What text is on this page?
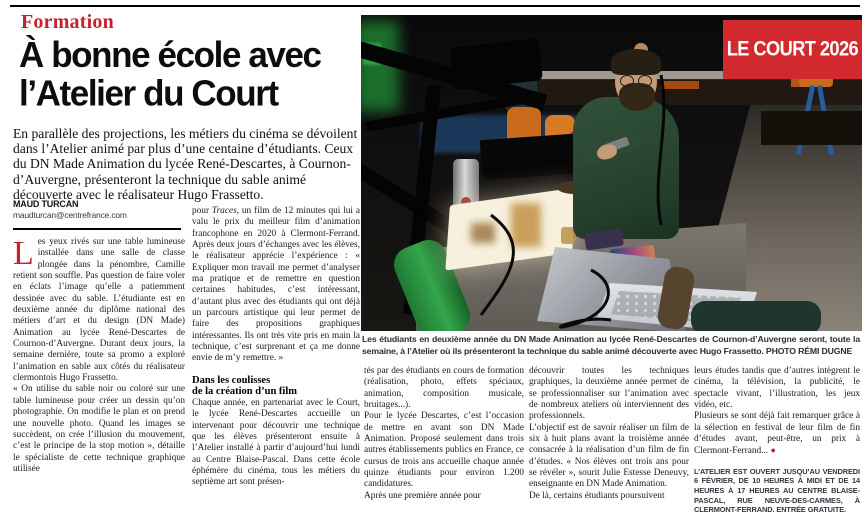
Formation
À bonne école avec
l’Atelier du Court
En parallèle des projections, les métiers du cinéma se dévoilent dans l’Atelier animé par plus d’une centaine d’étudiants. Ceux du DN Made Animation du lycée René-Descartes, à Cournon-d’Auvergne, présenteront la technique du sable animé découverte avec le réalisateur Hugo Frassetto.
MAUD TURCAN
maudturcan@centrefrance.com
LE COURT 2026
Les étudiants en deuxième année du DN Made Animation au lycée René-Descartes de Cournon-d’Auvergne seront, toute la semaine, à l’Atelier où ils présenteront la technique du sable animé découverte avec Hugo Frassetto. PHOTO RÉMI DUGNE

Les yeux rivés sur une table lumineuse installée dans une salle de classe plongée dans la pénombre, Camille retient son souffle. Pas question de faire voler en éclats l’image qu’elle a patiemment dessinée avec du sable. L’étudiante est en deuxième année du diplôme national des métiers d’art et du design (DN Made) Animation au lycée René-Descartes de Cournon-d’Auvergne. Durant deux jours, la semaine dernière, toute sa promo a exploré l’animation en sable aux côtés du réalisateur clermontois Hugo Frassetto.

« On utilise du sable noir ou coloré sur une table lumineuse pour créer un dessin qu’on photographie. On modifie le plan et on prend une nouvelle photo. Quand les images se succèdent, on crée l’illusion du mouvement, c’est le principe de la stop motion », détaille le spécialiste de cette technique graphique utilisée

pour Traces, un film de 12 minutes qui lui a valu le prix du meilleur film d’animation francophone en 2020 à Clermont-Ferrand. Après deux jours d’échanges avec les élèves, le réalisateur apprécie l’expérience : « Expliquer mon travail me permet d’analyser ma pratique et de remettre en question certaines habitudes, c’est intéressant, d’autant plus avec des étudiants qui ont déjà un parcours artistique qui leur permet de faire des propositions graphiques intéressantes. Ils ont très vite pris en main la technique, c’est surprenant et ça me donne envie de m’y remettre. »

Dans les coulisses
de la création d’un film

Chaque année, en partenariat avec le Court, le lycée René-Descartes accueille un intervenant pour découvrir une technique que les élèves présenteront ensuite à l’Atelier installé à partir d’aujourd’hui lundi au Centre Blaise-Pascal. Dans cette école éphémère du cinéma, tous les métiers du septième art sont présen-

tés par des étudiants en cours de formation (réalisation, photo, effets spéciaux, animation, composition musicale, bruitages...).

Pour le lycée Descartes, c’est l’occasion de mettre en avant son DN Made Animation. Proposé seulement dans trois autres établissements publics en France, ce cursus de trois ans accueille chaque année quinze étudiants pour environ 1.200 candidatures.

Après une première année pour

découvrir toutes les techniques graphiques, la deuxième année permet de se professionnaliser sur l’animation avec de nombreux ateliers où interviennent des professionnels.

L’objectif est de savoir réaliser un film de six à huit plans avant la troisième année consacrée à la réalisation d’un film de fin d’études. « Nos élèves ont trois ans pour se révéler », sourit Julie Estesse Deneuvy, enseignante en DN Made Animation.

De là, certains étudiants poursuivent

leurs études tandis que d’autres intègrent le cinéma, la télévision, la publicité, le spectacle vivant, l’illustration, les jeux vidéo, etc.

Plusieurs se sont déjà fait remarquer grâce à la sélection en festival de leur film de fin d’études avant, peut-être, un prix à Clermont-Ferrand... ●

L’ATELIER EST OUVERT JUSQU’AU VENDREDI 6 FÉVRIER, DE 10 HEURES À MIDI ET DE 14 HEURES À 17 HEURES AU CENTRE BLAISE-PASCAL, RUE NEUVE-DES-CARMES, À CLERMONT-FERRAND. ENTRÉE GRATUITE.
